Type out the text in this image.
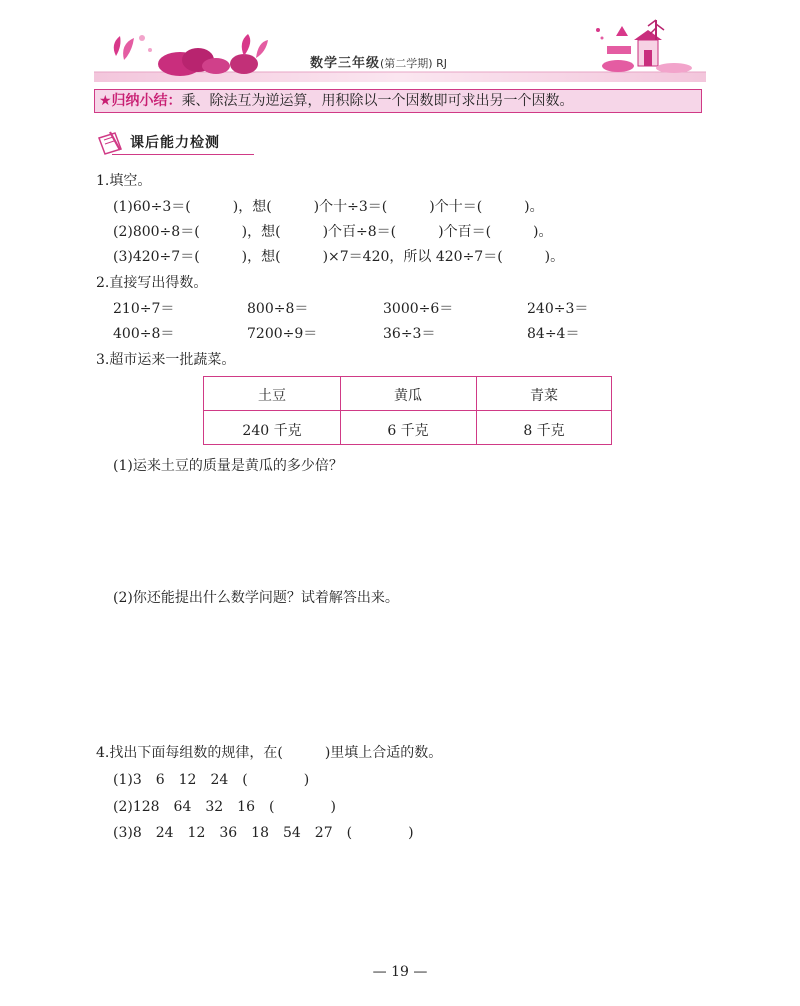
数学三年级(第二学期) RJ
★归纳小结：乘、除法互为逆运算，用积除以一个因数即可求出另一个因数。
课后能力检测
1.填空。
(1)60÷3＝(　　　)，想(　　　)个十÷3＝(　　　)个十＝(　　　)。
(2)800÷8＝(　　　)，想(　　　)个百÷8＝(　　　)个百＝(　　　)。
(3)420÷7＝(　　　)，想(　　　)×7＝420，所以 420÷7＝(　　　)。
2.直接写出得数。
210÷7＝	800÷8＝	3000÷6＝	240÷3＝
400÷8＝	7200÷9＝	36÷3＝	84÷4＝
3.超市运来一批蔬菜。
土豆	黄瓜	青菜
240 千克	6 千克	8 千克
(1)运来土豆的质量是黄瓜的多少倍？
(2)你还能提出什么数学问题？试着解答出来。
4.找出下面每组数的规律，在(　　　)里填上合适的数。
(1)3　6　12　24　(　　　　)
(2)128　64　32　16　(　　　　)
(3)8　24　12　36　18　54　27　(　　　　)
— 19 —
